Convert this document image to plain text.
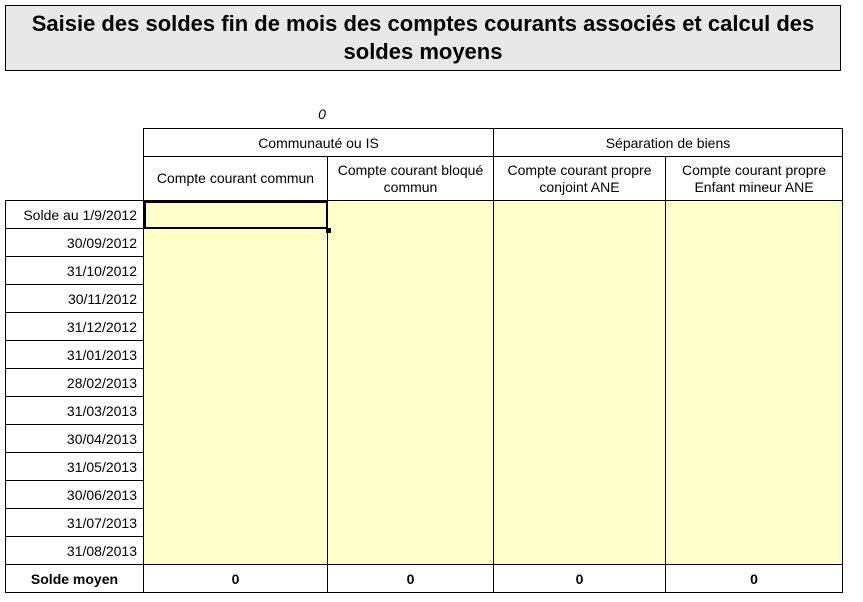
Saisie des soldes fin de mois des comptes courants associés et calcul des soldes moyens
0
	Communauté ou IS		Séparation de biens	
	Compte courant commun	Compte courant bloqué commun	Compte courant propre conjoint ANE	Compte courant propre Enfant mineur ANE
Solde au 1/9/2012	

30/09/2012				
31/10/2012				
30/11/2012				
31/12/2012				
31/01/2013				
28/02/2013				
31/03/2013				
30/04/2013				
31/05/2013				
30/06/2013				
31/07/2013				
31/08/2013				
Solde moyen	0	0	0	0
